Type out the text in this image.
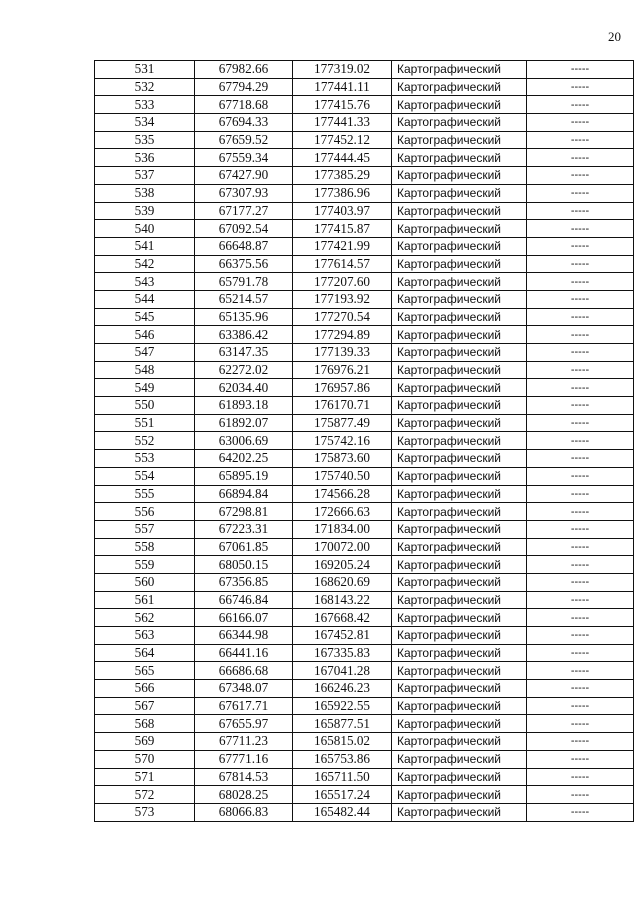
20
531	67982.66	177319.02	Картографический	-----
532	67794.29	177441.11	Картографический	-----
533	67718.68	177415.76	Картографический	-----
534	67694.33	177441.33	Картографический	-----
535	67659.52	177452.12	Картографический	-----
536	67559.34	177444.45	Картографический	-----
537	67427.90	177385.29	Картографический	-----
538	67307.93	177386.96	Картографический	-----
539	67177.27	177403.97	Картографический	-----
540	67092.54	177415.87	Картографический	-----
541	66648.87	177421.99	Картографический	-----
542	66375.56	177614.57	Картографический	-----
543	65791.78	177207.60	Картографический	-----
544	65214.57	177193.92	Картографический	-----
545	65135.96	177270.54	Картографический	-----
546	63386.42	177294.89	Картографический	-----
547	63147.35	177139.33	Картографический	-----
548	62272.02	176976.21	Картографический	-----
549	62034.40	176957.86	Картографический	-----
550	61893.18	176170.71	Картографический	-----
551	61892.07	175877.49	Картографический	-----
552	63006.69	175742.16	Картографический	-----
553	64202.25	175873.60	Картографический	-----
554	65895.19	175740.50	Картографический	-----
555	66894.84	174566.28	Картографический	-----
556	67298.81	172666.63	Картографический	-----
557	67223.31	171834.00	Картографический	-----
558	67061.85	170072.00	Картографический	-----
559	68050.15	169205.24	Картографический	-----
560	67356.85	168620.69	Картографический	-----
561	66746.84	168143.22	Картографический	-----
562	66166.07	167668.42	Картографический	-----
563	66344.98	167452.81	Картографический	-----
564	66441.16	167335.83	Картографический	-----
565	66686.68	167041.28	Картографический	-----
566	67348.07	166246.23	Картографический	-----
567	67617.71	165922.55	Картографический	-----
568	67655.97	165877.51	Картографический	-----
569	67711.23	165815.02	Картографический	-----
570	67771.16	165753.86	Картографический	-----
571	67814.53	165711.50	Картографический	-----
572	68028.25	165517.24	Картографический	-----
573	68066.83	165482.44	Картографический	-----
